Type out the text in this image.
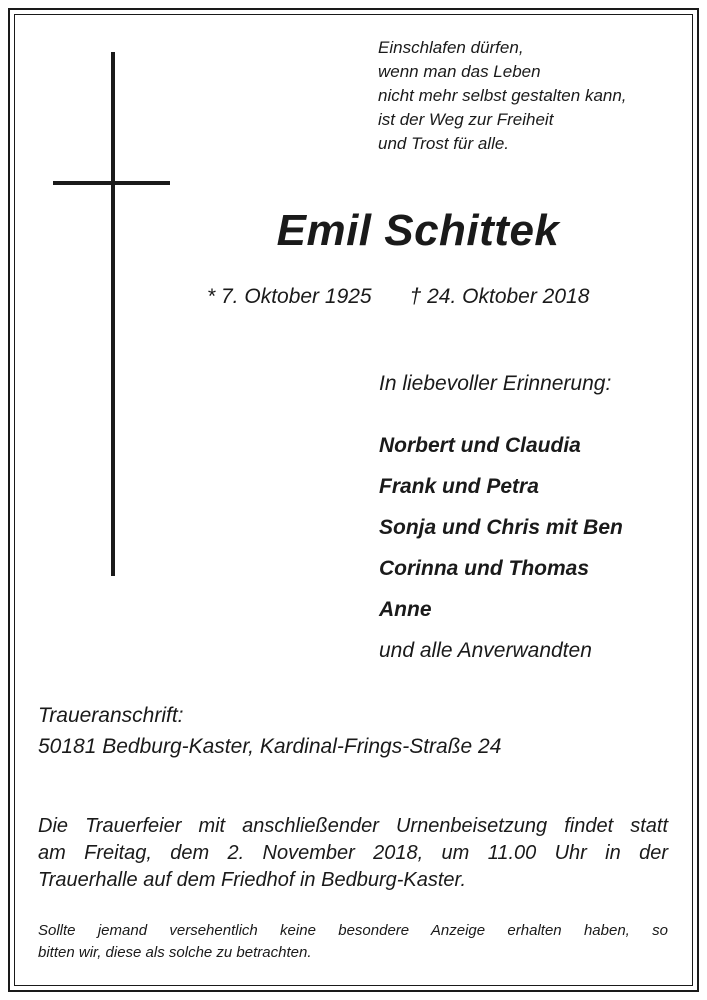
Einschlafen dürfen,
wenn man das Leben
nicht mehr selbst gestalten kann,
ist der Weg zur Freiheit
und Trost für alle.
Emil Schittek
* 7. Oktober 1925 † 24. Oktober 2018
In liebevoller Erinnerung:
Norbert und Claudia
Frank und Petra
Sonja und Chris mit Ben
Corinna und Thomas
Anne
und alle Anverwandten
Traueranschrift:
50181 Bedburg-Kaster, Kardinal-Frings-Straße 24
Die Trauerfeier mit anschließender Urnenbeisetzung findet statt
am Freitag, dem 2. November 2018, um 11.00 Uhr in der
Trauerhalle auf dem Friedhof in Bedburg-Kaster.
Sollte jemand versehentlich keine besondere Anzeige erhalten haben, so
bitten wir, diese als solche zu betrachten.
